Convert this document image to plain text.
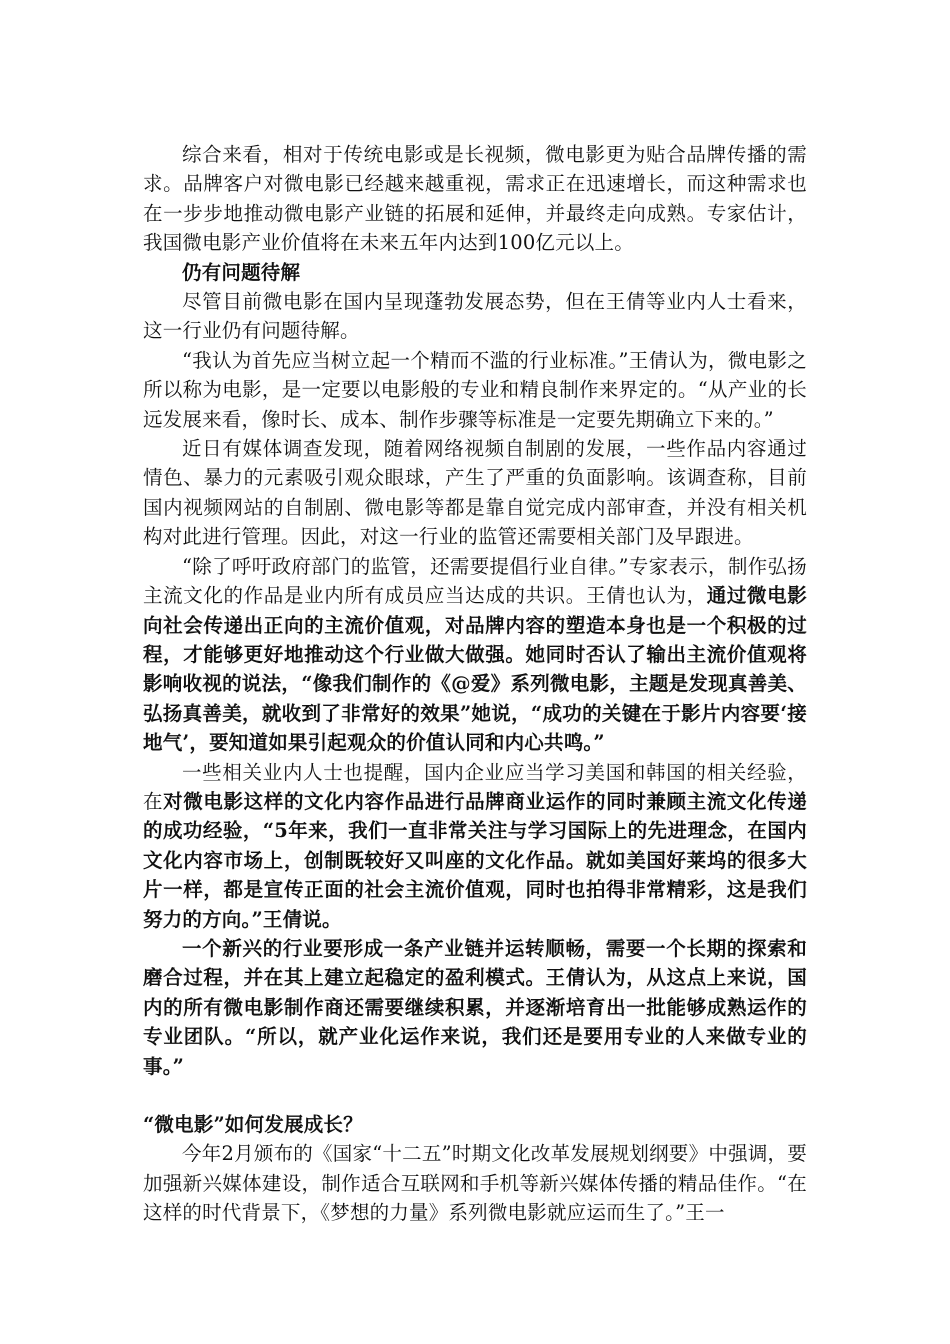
综合来看，相对于传统电影或是长视频，微电影更为贴合品牌传播的需求。品牌客户对微电影已经越来越重视，需求正在迅速增长，而这种需求也在一步步地推动微电影产业链的拓展和延伸，并最终走向成熟。专家估计，我国微电影产业价值将在未来五年内达到100亿元以上。

仍有问题待解

尽管目前微电影在国内呈现蓬勃发展态势，但在王倩等业内人士看来，这一行业仍有问题待解。

“我认为首先应当树立起一个精而不滥的行业标准。”王倩认为，微电影之所以称为电影，是一定要以电影般的专业和精良制作来界定的。“从产业的长远发展来看，像时长、成本、制作步骤等标准是一定要先期确立下来的。”

近日有媒体调查发现，随着网络视频自制剧的发展，一些作品内容通过情色、暴力的元素吸引观众眼球，产生了严重的负面影响。该调查称，目前国内视频网站的自制剧、微电影等都是靠自觉完成内部审查，并没有相关机构对此进行管理。因此，对这一行业的监管还需要相关部门及早跟进。

“除了呼吁政府部门的监管，还需要提倡行业自律。”专家表示，制作弘扬主流文化的作品是业内所有成员应当达成的共识。王倩也认为，通过微电影向社会传递出正向的主流价值观，对品牌内容的塑造本身也是一个积极的过程，才能够更好地推动这个行业做大做强。她同时否认了输出主流价值观将影响收视的说法，“像我们制作的《@爱》系列微电影，主题是发现真善美、弘扬真善美，就收到了非常好的效果”她说，“成功的关键在于影片内容要‘接地气’，要知道如果引起观众的价值认同和内心共鸣。”

一些相关业内人士也提醒，国内企业应当学习美国和韩国的相关经验，在对微电影这样的文化内容作品进行品牌商业运作的同时兼顾主流文化传递的成功经验，“5年来，我们一直非常关注与学习国际上的先进理念，在国内文化内容市场上，创制既较好又叫座的文化作品。就如美国好莱坞的很多大片一样，都是宣传正面的社会主流价值观，同时也拍得非常精彩，这是我们努力的方向。”王倩说。

一个新兴的行业要形成一条产业链并运转顺畅，需要一个长期的探索和磨合过程，并在其上建立起稳定的盈利模式。王倩认为，从这点上来说，国内的所有微电影制作商还需要继续积累，并逐渐培育出一批能够成熟运作的专业团队。“所以，就产业化运作来说，我们还是要用专业的人来做专业的事。”

“微电影”如何发展成长？

今年2月颁布的《国家“十二五”时期文化改革发展规划纲要》中强调，要加强新兴媒体建设，制作适合互联网和手机等新兴媒体传播的精品佳作。“在这样的时代背景下，《梦想的力量》系列微电影就应运而生了。”王一
